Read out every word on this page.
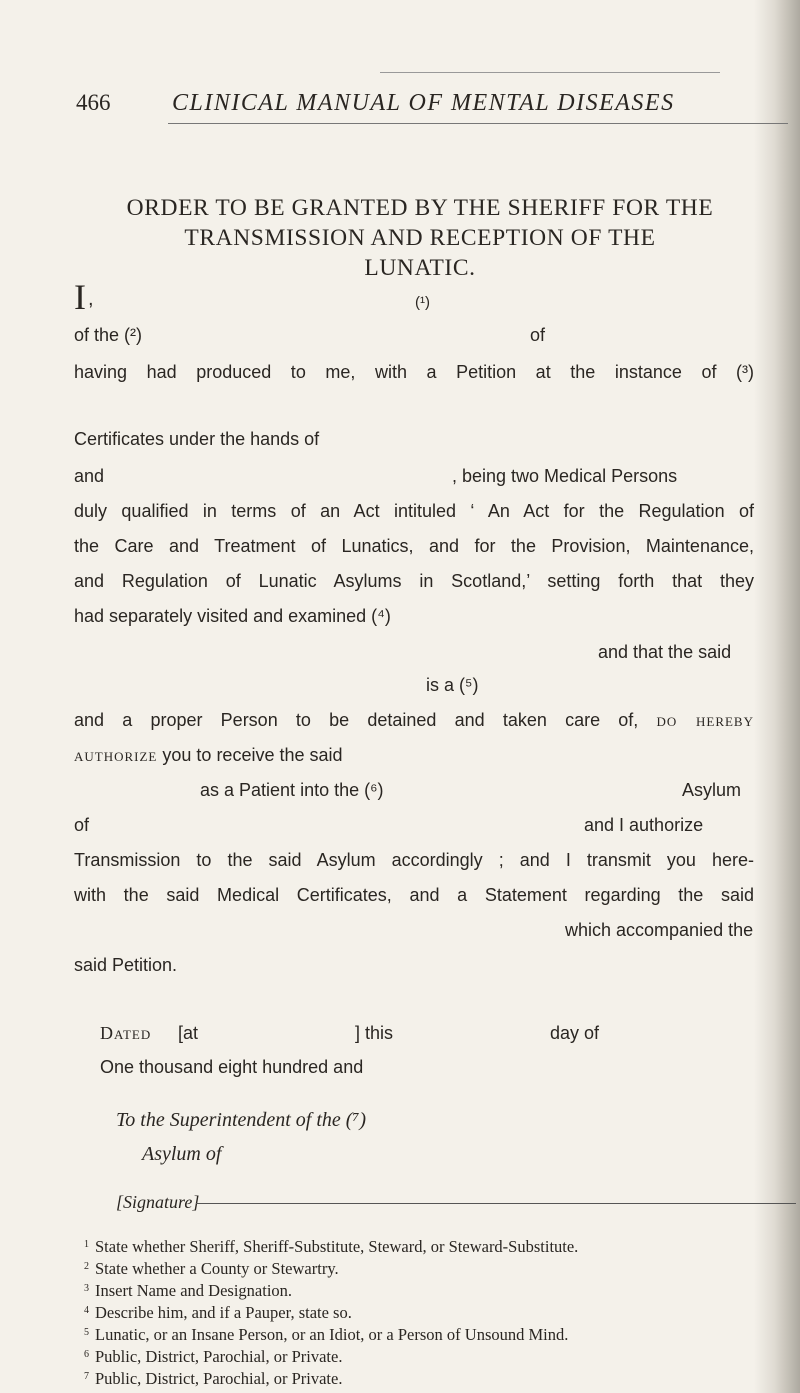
466	CLINICAL MANUAL OF MENTAL DISEASES
ORDER TO BE GRANTED BY THE SHERIFF FOR THE
TRANSMISSION AND RECEPTION OF THE
LUNATIC.
I ,	(¹)
of the (²)	of
having had produced to me, with a Petition at the instance of (³)
Certificates under the hands of
and	, being two Medical Persons
duly qualified in terms of an Act intituled ‘ An Act for the Regulation of
the Care and Treatment of Lunatics, and for the Provision, Maintenance,
and Regulation of Lunatic Asylums in Scotland,’ setting forth that they
had separately visited and examined (⁴)
and that the said
is a (⁵)
and a proper Person to be detained and taken care of, do hereby
authorize you to receive the said
as a Patient into the (⁶)	Asylum
of	and I authorize
Transmission to the said Asylum accordingly ; and I transmit you here-
with the said Medical Certificates, and a Statement regarding the said
which accompanied the
said Petition.
Dated [at	] this	day of
One thousand eight hundred and
To the Superintendent of the (⁷)
Asylum of
[Signature]
$^1$ State whether Sheriff, Sheriff-Substitute, Steward, or Steward-Substitute.
$^2$ State whether a County or Stewartry.
$^3$ Insert Name and Designation.
$^4$ Describe him, and if a Pauper, state so.
$^5$ Lunatic, or an Insane Person, or an Idiot, or a Person of Unsound Mind.
$^6$ Public, District, Parochial, or Private.
$^7$ Public, District, Parochial, or Private.
